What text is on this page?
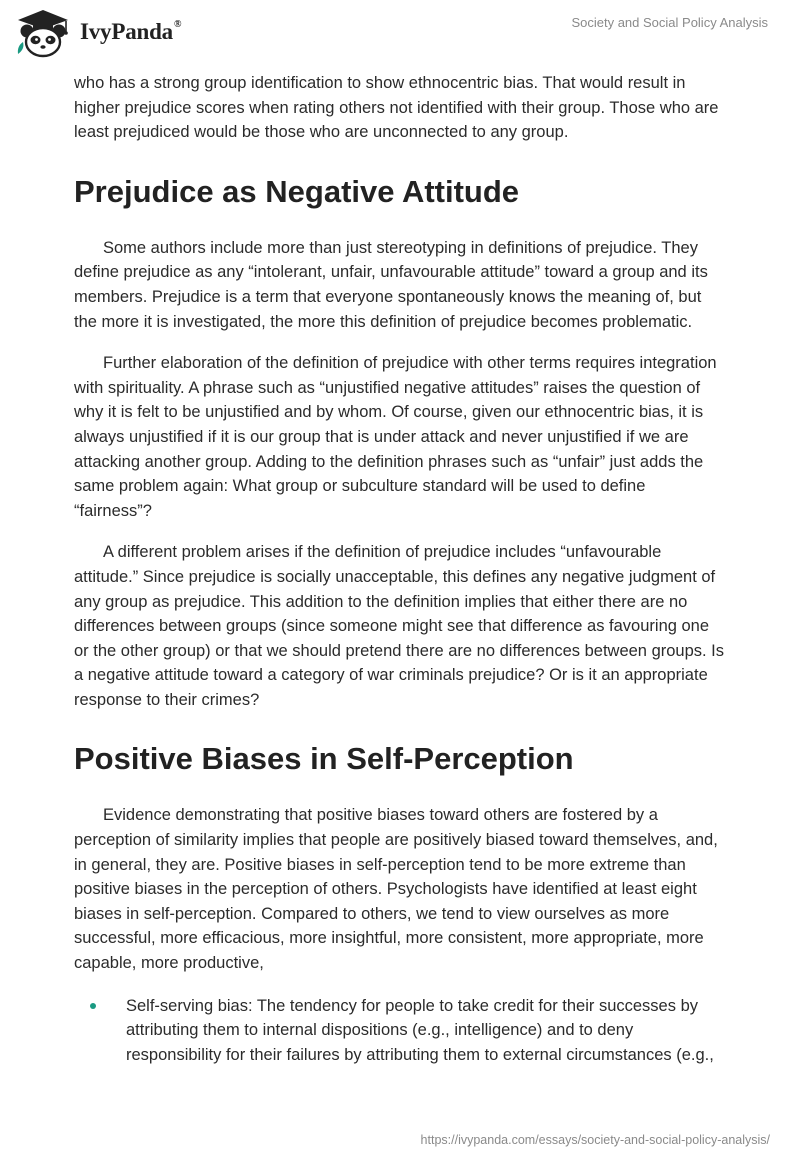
IvyPanda®	Society and Social Policy Analysis

who has a strong group identification to show ethnocentric bias. That would result in higher prejudice scores when rating others not identified with their group. Those who are least prejudiced would be those who are unconnected to any group.

Prejudice as Negative Attitude

Some authors include more than just stereotyping in definitions of prejudice. They define prejudice as any “intolerant, unfair, unfavourable attitude” toward a group and its members. Prejudice is a term that everyone spontaneously knows the meaning of, but the more it is investigated, the more this definition of prejudice becomes problematic.

Further elaboration of the definition of prejudice with other terms requires integration with spirituality. A phrase such as “unjustified negative attitudes” raises the question of why it is felt to be unjustified and by whom. Of course, given our ethnocentric bias, it is always unjustified if it is our group that is under attack and never unjustified if we are attacking another group. Adding to the definition phrases such as “unfair” just adds the same problem again: What group or subculture standard will be used to define “fairness”?

A different problem arises if the definition of prejudice includes “unfavourable attitude.” Since prejudice is socially unacceptable, this defines any negative judgment of any group as prejudice. This addition to the definition implies that either there are no differences between groups (since someone might see that difference as favouring one or the other group) or that we should pretend there are no differences between groups. Is a negative attitude toward a category of war criminals prejudice? Or is it an appropriate response to their crimes?

Positive Biases in Self-Perception

Evidence demonstrating that positive biases toward others are fostered by a perception of similarity implies that people are positively biased toward themselves, and, in general, they are. Positive biases in self-perception tend to be more extreme than positive biases in the perception of others. Psychologists have identified at least eight biases in self-perception. Compared to others, we tend to view ourselves as more successful, more efficacious, more insightful, more consistent, more appropriate, more capable, more productive,

Self-serving bias: The tendency for people to take credit for their successes by attributing them to internal dispositions (e.g., intelligence) and to deny responsibility for their failures by attributing them to external circumstances (e.g.,
https://ivypanda.com/essays/society-and-social-policy-analysis/
